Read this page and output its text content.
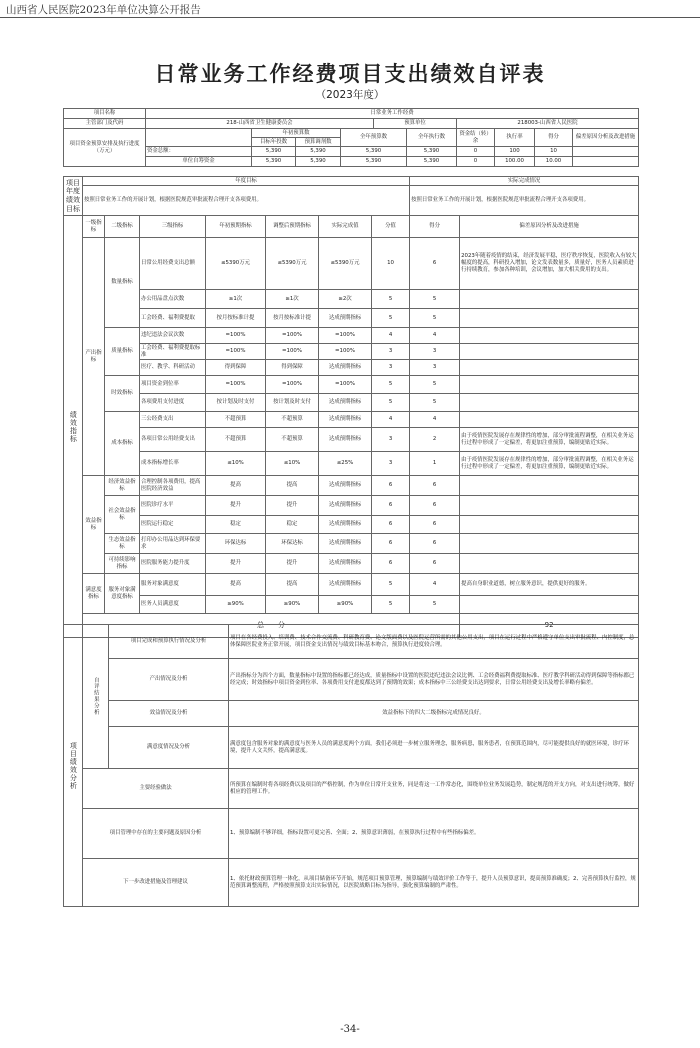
山西省人民医院2023年单位决算公开报告
日常业务工作经费项目支出绩效自评表
（2023年度）
项目名称	日常业务工作经费									
主管部门及代码	218-山西省卫生健康委员会				预算单位		218003-山西省人民医院			
项目资金预算安排及执行进度（万元）		年初预算数		全年预算数		全年执行数	资金结（转）余	执行率	得分	偏差原因分析及改进措施
		目标年投数	预算调剂数							
	资金总额：	5,390	5,390	5,390		5,390	0	100	10	
	单位自筹资金	5,390	5,390	5,390		5,390	0	100.00	10.00	
项目年度绩效目标	年度目标							实际完成情况		
	按照日常业务工作的开展计划，根据医院规范审批流程合理开支各项费用。							按照日常业务工作的开展计划，根据医院规范审批流程合理开支各项费用。		
绩效指标	一级指标	二级指标	三级指标	年初预期指标	调整后预期指标	实际完成值	分值	得分	偏差原因分析及改进措施	
	产出指标	数量指标	日常公用经费支出总额	≤5390万元	≤5390万元	≤5390万元	10	6	2023年随着疫情的结束，经济发展平稳，医疗秩序恢复，医院收入有较大幅度的提高，科研投入增加，论文发表数量多，质量好，医务人员素质进行持续教育，参加各种培训，会议增加，加大相关费用的支出。	
			办公用品盘点次数	≥1次	≥1次	≥2次	5	5		
			工会经费、福利费提取	按月按标准计提	按月按标准计提	达成预期指标	5	5		
		质量指标	违纪违法会议次数	=100%	=100%	=100%	4	4		
			工会经费、福利费提取标准	=100%	=100%	=100%	3	3		
			医疗、教学、科研活动	得到保障	得到保障	达成预期指标	3	3		
		时效指标	项目资金到位率	=100%	=100%	=100%	5	5		
			各项费用支付进度	按计划及时支付	按计划及时支付	达成预期指标	5	5		
		成本指标	三公经费支出	不超预算	不超预算	达成预期指标	4	4		
			各项日常公用经费支出	不超预算	不超预算	达成预期指标	3	2	由于疫情医院发展存在规律性的增加，部分审批流程调整，在相关业务运行过程中形成了一定偏差，将更加注重预算，编制更贴近实际。	
			成本指标增长率	≤10%	≤10%	≤25%	3	1	由于疫情医院发展存在规律性的增加，部分审批流程调整，在相关业务运行过程中形成了一定偏差，将更加注重预算，编制更贴近实际。	
	效益指标	经济效益指标	合理控制各项费用，提高医院经济效益	提高	提高	达成预期指标	6	6		
		社会效益指标	医院诊疗水平	提升	提升	达成预期指标	6	6		
			医院运行稳定	稳定	稳定	达成预期指标	6	6		
		生态效益指标	打印办公用品达到环保要求	环保达标	环保达标	达成预期指标	6	6		
		可持续影响指标	医院服务能力提升度	提升	提升	达成预期指标	6	6		
	满意度指标	服务对象满意度指标	服务对象满意度	提高	提高	达成预期指标	5	4	提高自身职业道德，树立服务意识，提供更好的服务。	
			医务人员满意度	≥90%	≥90%	≥90%	5	5		
	总　　分								92	
项目绩效分析	自评结果分析	项目完成和预算执行情况及分析	项目在各经费投入、培训费、技术合作交流费、科研教育费、论文版面费以及医院运营所需的其他公用支出，项目在运行过程中严格遵守单位支出审批流程、内控制度，总体保障医院业务正常开展，项目资金支出情况与绩效目标基本吻合，预算执行进度较合理。
		产出情况及分析	产出指标分为四个方面，数量指标中设置的指标都已经达成，质量指标中设置的医院违纪违法会议比例、工会经费福利费提取标准、医疗教学科研活动得到保障等指标都已经完成；时效指标中项目资金到位率、各项费用支付进度都达到了预期的效果；成本指标中三公经费支出达到要求，日常公用经费支出及增长率略有偏差。
		效益情况及分析	效益指标下的四大二级指标完成情况良好。
		满意度情况及分析	满意度包含服务对象的满意度与医务人员的满意度两个方面，我们必须进一步树立服务理念，服务病患，服务患者，在预算范围内，尽可能提供良好的就医环境，诊疗环境，提升人文关怀，提高满意度。
	主要经验做法		所预算在编制时将各项经费以及项目的严格控制，作为单位日常开支业务，同是将这一工作常态化，围绕单位业务发展趋势，制定规范的开支方向，对支出进行统筹，做好相应的管理工作。
	项目管理中存在的主要问题及原因分析		1、预算编制不够详细，指标设置可更完善、全面；2、预算意识薄弱，在预算执行过程中有些指标偏差。
	下一步改进措施及管理建议		1、依托财政预算管理一体化，从项目储备环节开始，规范项目预算管理，预算编制与绩效评价工作等于，提升人员预算意识，提高预算准确度；2、完善预算执行监控，规范预算调整流程，严格按照预算支出实际情况，以医院战略目标为指导，强化预算编制的严肃性。
-34-
